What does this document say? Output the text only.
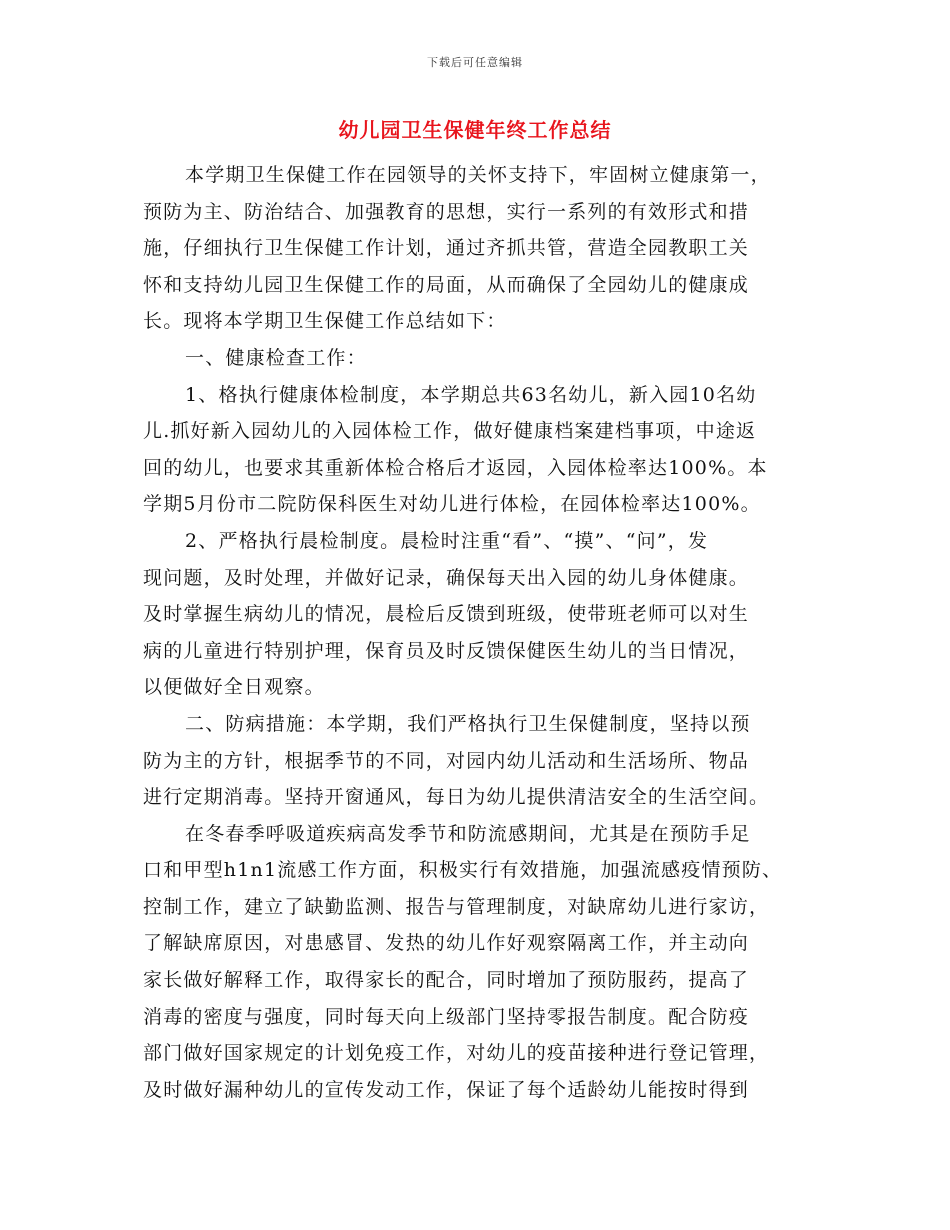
下载后可任意编辑
幼儿园卫生保健年终工作总结
本学期卫生保健工作在园领导的关怀支持下，牢固树立健康第一，
预防为主、防治结合、加强教育的思想，实行一系列的有效形式和措
施，仔细执行卫生保健工作计划，通过齐抓共管，营造全园教职工关
怀和支持幼儿园卫生保健工作的局面，从而确保了全园幼儿的健康成
长。现将本学期卫生保健工作总结如下：
一、健康检查工作：
1、格执行健康体检制度，本学期总共63名幼儿，新入园10名幼
儿.抓好新入园幼儿的入园体检工作，做好健康档案建档事项，中途返
回的幼儿，也要求其重新体检合格后才返园，入园体检率达100%。本
学期5月份市二院防保科医生对幼儿进行体检，在园体检率达100%。
2、严格执行晨检制度。晨检时注重“看”、“摸”、“问”，发
现问题，及时处理，并做好记录，确保每天出入园的幼儿身体健康。
及时掌握生病幼儿的情况，晨检后反馈到班级，使带班老师可以对生
病的儿童进行特别护理，保育员及时反馈保健医生幼儿的当日情况，
以便做好全日观察。
二、防病措施：本学期，我们严格执行卫生保健制度，坚持以预
防为主的方针，根据季节的不同，对园内幼儿活动和生活场所、物品
进行定期消毒。坚持开窗通风，每日为幼儿提供清洁安全的生活空间。
在冬春季呼吸道疾病高发季节和防流感期间，尤其是在预防手足
口和甲型h1n1流感工作方面，积极实行有效措施，加强流感疫情预防、
控制工作，建立了缺勤监测、报告与管理制度，对缺席幼儿进行家访，
了解缺席原因，对患感冒、发热的幼儿作好观察隔离工作，并主动向
家长做好解释工作，取得家长的配合，同时增加了预防服药，提高了
消毒的密度与强度，同时每天向上级部门坚持零报告制度。配合防疫
部门做好国家规定的计划免疫工作，对幼儿的疫苗接种进行登记管理，
及时做好漏种幼儿的宣传发动工作，保证了每个适龄幼儿能按时得到
